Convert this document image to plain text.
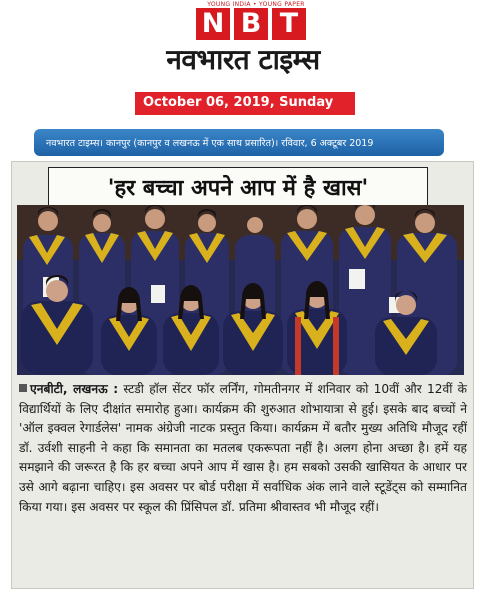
YOUNG INDIA • YOUNG PAPER
N B T
नवभारत टाइम्स
October 06, 2019, Sunday
नवभारत टाइम्स। कानपुर (कानपुर व लखनऊ में एक साथ प्रसारित)। रविवार, 6 अक्टूबर 2019
'हर बच्चा अपने आप में है खास'
एनबीटी, लखनऊ : स्टडी हॉल सेंटर फॉर लर्निंग, गोमतीनगर में शनिवार को 10वीं और 12वीं के विद्यार्थियों के लिए दीक्षांत समारोह हुआ। कार्यक्रम की शुरुआत शोभायात्रा से हुई। इसके बाद बच्चों ने 'ऑल इक्वल रेगार्डलेस' नामक अंग्रेजी नाटक प्रस्तुत किया। कार्यक्रम में बतौर मुख्य अतिथि मौजूद रहीं डॉ. उर्वशी साहनी ने कहा कि समानता का मतलब एकरूपता नहीं है। अलग होना अच्छा है। हमें यह समझाने की जरूरत है कि हर बच्चा अपने आप में खास है। हम सबको उसकी खासियत के आधार पर उसे आगे बढ़ाना चाहिए। इस अवसर पर बोर्ड परीक्षा में सर्वाधिक अंक लाने वाले स्टूडेंट्स को सम्मानित किया गया। इस अवसर पर स्कूल की प्रिंसिपल डॉ. प्रतिमा श्रीवास्तव भी मौजूद रहीं।
